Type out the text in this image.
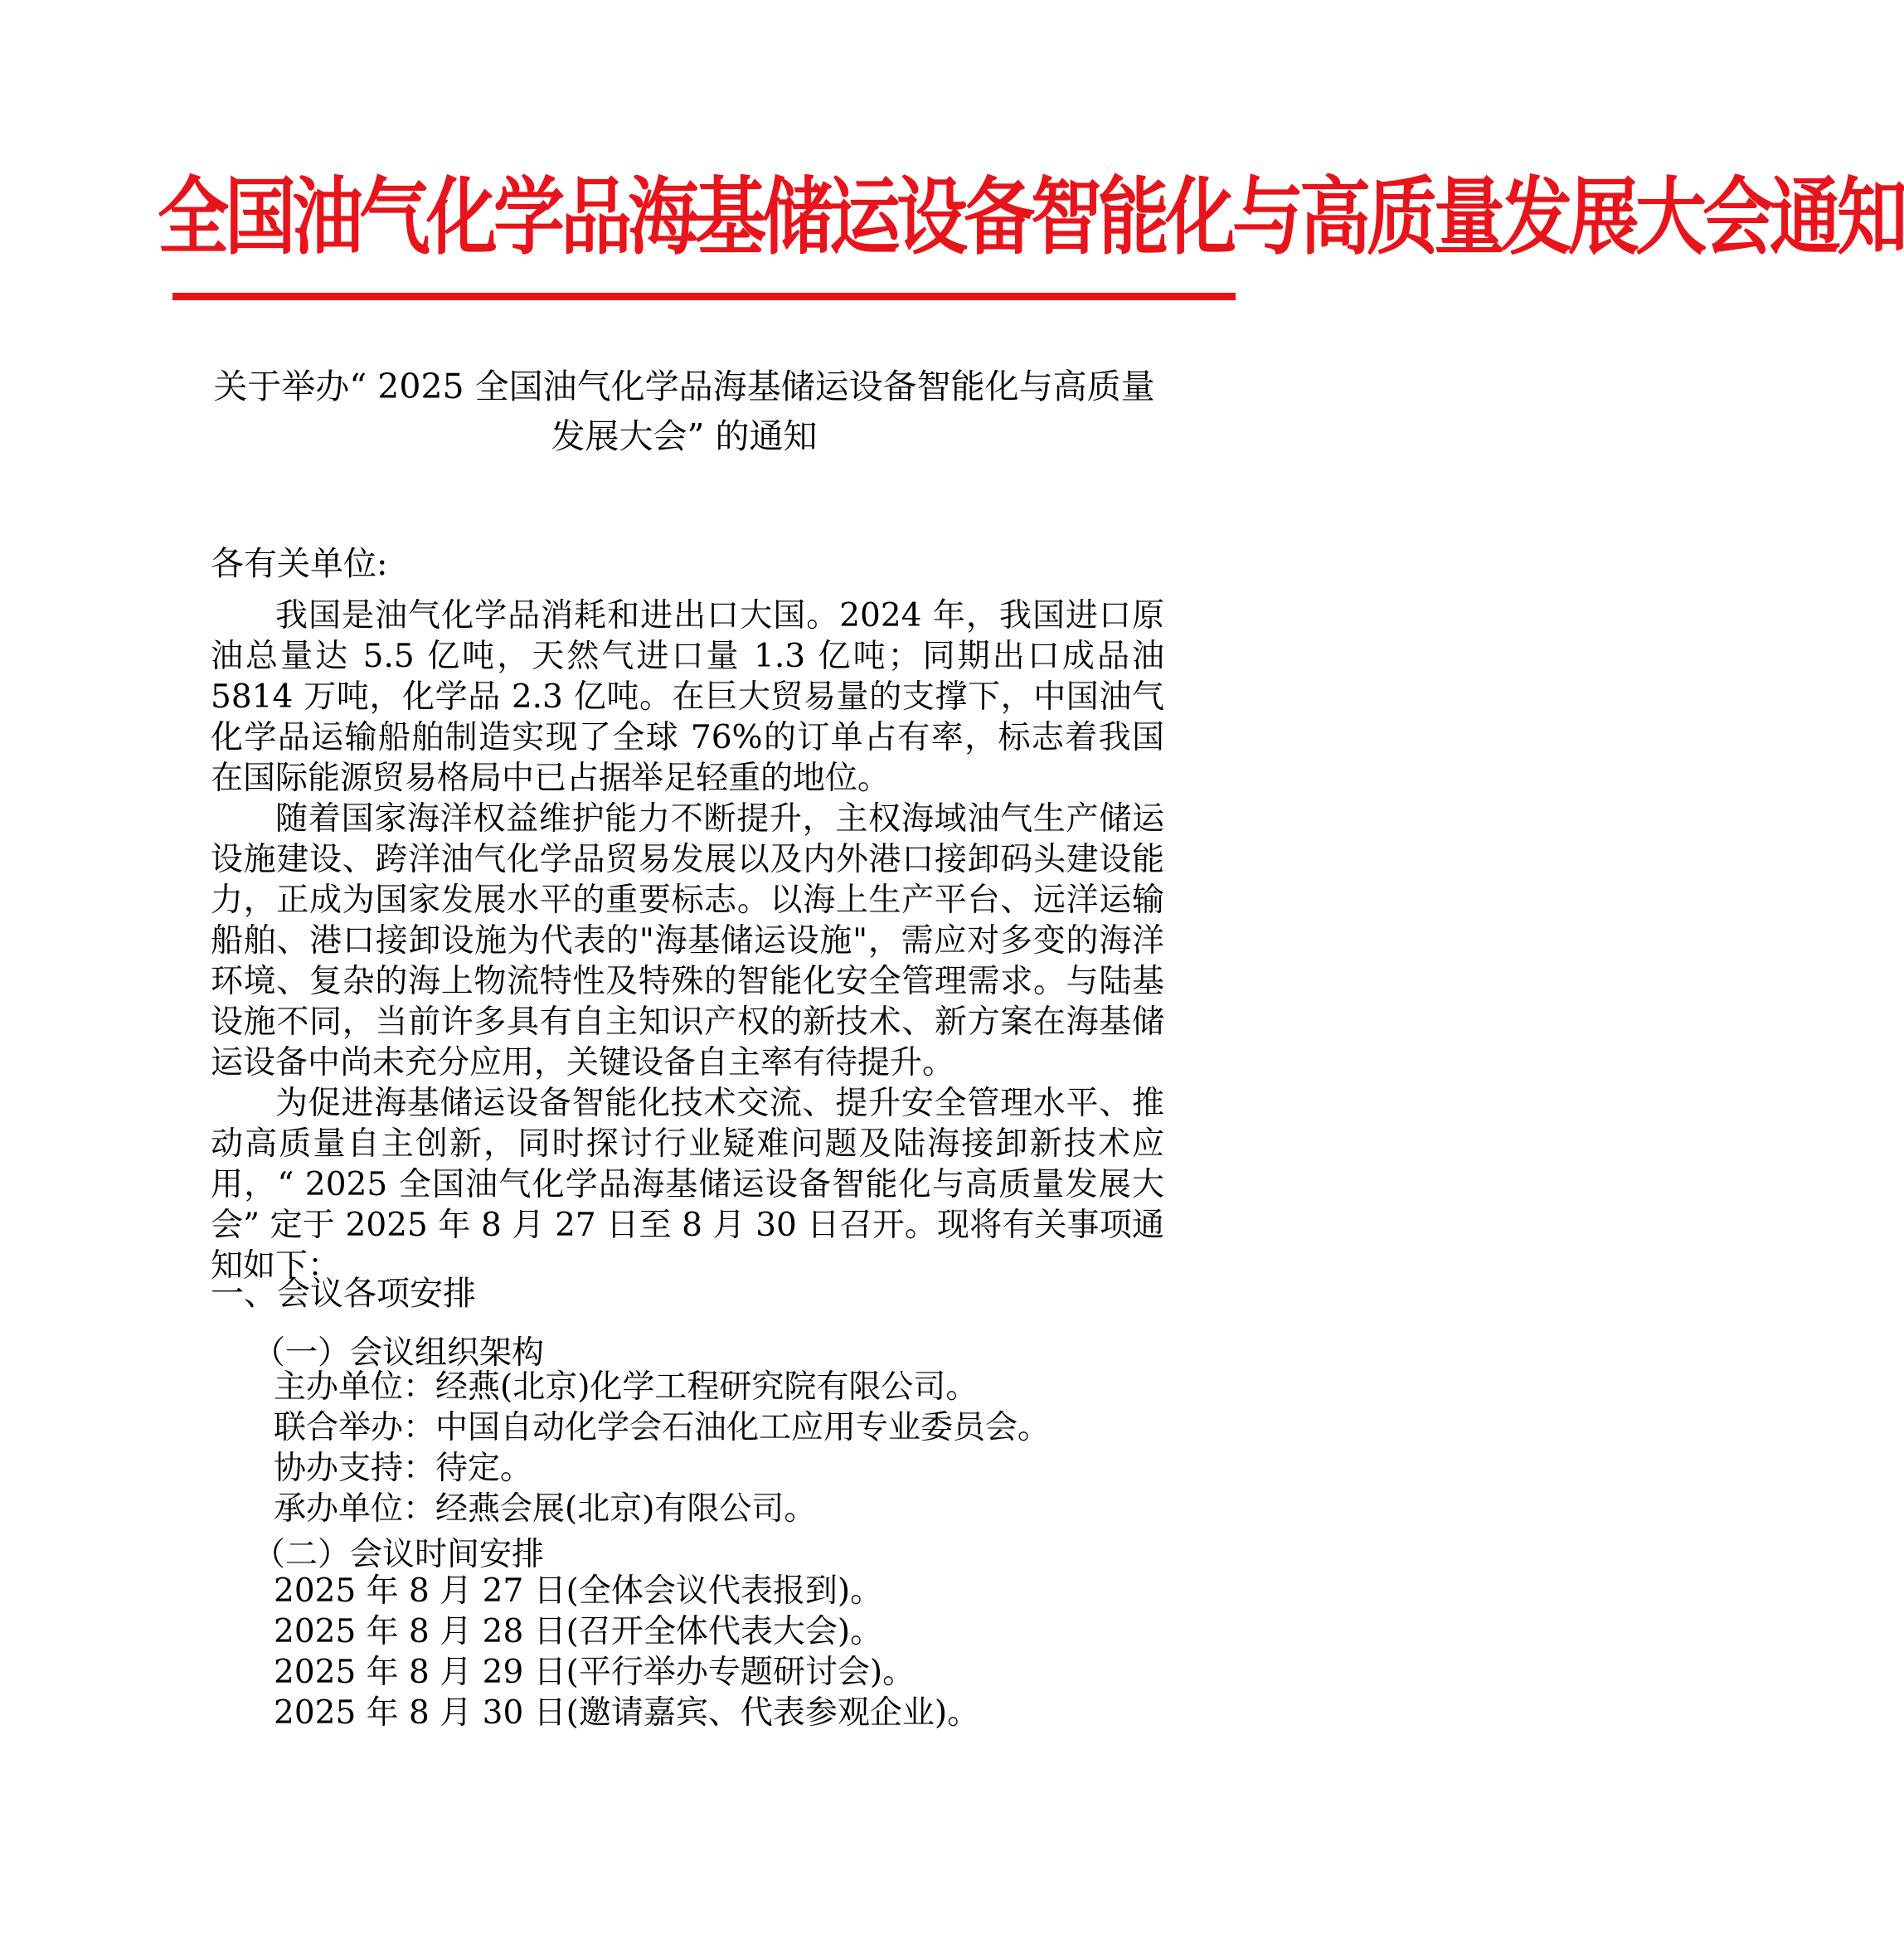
全国油气化学品海基储运设备智能化与高质量发展大会通知
关于举办“ 2025 全国油气化学品海基储运设备智能化与高质量
发展大会” 的通知
各有关单位:

我国是油气化学品消耗和进出口大国。2024 年，我国进口原油总量达 5.5 亿吨，天然气进口量 1.3 亿吨；同期出口成品油 5814 万吨，化学品 2.3 亿吨。在巨大贸易量的支撑下，中国油气化学品运输船舶制造实现了全球 76%的订单占有率，标志着我国在国际能源贸易格局中已占据举足轻重的地位。

随着国家海洋权益维护能力不断提升，主权海域油气生产储运设施建设、跨洋油气化学品贸易发展以及内外港口接卸码头建设能力，正成为国家发展水平的重要标志。以海上生产平台、远洋运输船舶、港口接卸设施为代表的"海基储运设施"，需应对多变的海洋环境、复杂的海上物流特性及特殊的智能化安全管理需求。与陆基设施不同，当前许多具有自主知识产权的新技术、新方案在海基储运设备中尚未充分应用，关键设备自主率有待提升。

为促进海基储运设备智能化技术交流、提升安全管理水平、推动高质量自主创新，同时探讨行业疑难问题及陆海接卸新技术应用，“ 2025 全国油气化学品海基储运设备智能化与高质量发展大会” 定于 2025 年 8 月 27 日至 8 月 30 日召开。现将有关事项通知如下：

一、会议各项安排
（一）会议组织架构
主办单位：经燕(北京)化学工程研究院有限公司。
联合举办：中国自动化学会石油化工应用专业委员会。
协办支持：待定。
承办单位：经燕会展(北京)有限公司。
（二）会议时间安排
2025 年 8 月 27 日(全体会议代表报到)。
2025 年 8 月 28 日(召开全体代表大会)。
2025 年 8 月 29 日(平行举办专题研讨会)。
2025 年 8 月 30 日(邀请嘉宾、代表参观企业)。
